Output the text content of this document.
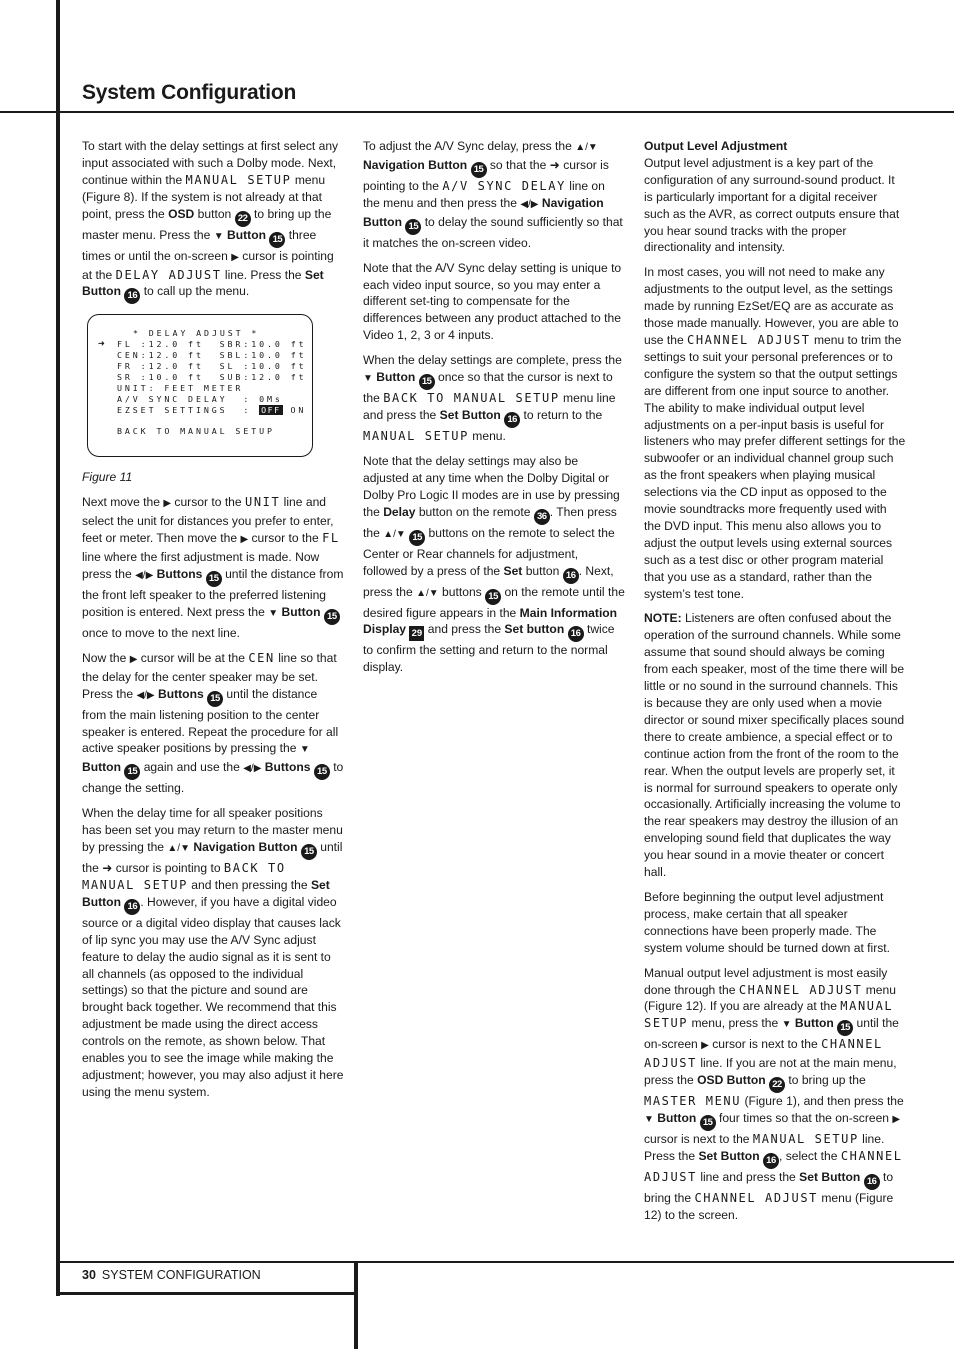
System Configuration

To start with the delay settings at first select any input associated with such a Dolby mode. Next, continue within the MANUAL SETUP menu (Figure 8). If the system is not already at that point, press the OSD button 22 to bring up the master menu. Press the ▼ Button 15 three times or until the on-screen ▶ cursor is pointing at the DELAY ADJUST line. Press the Set Button 16 to call up the menu.

➜
* DELAY ADJUST *
FL :12.0 ft  SBR:10.0 ft
CEN:12.0 ft  SBL:10.0 ft
FR :12.0 ft  SL :10.0 ft
SR :10.0 ft  SUB:12.0 ft
UNIT: FEET METER
A/V SYNC DELAY  : 0Ms
EZSET SETTINGS  : OFF ON
BACK TO MANUAL SETUP

Figure 11

Next move the ▶ cursor to the UNIT line and select the unit for distances you prefer to enter, feet or meter. Then move the ▶ cursor to the FL line where the first adjustment is made. Now press the ◀/▶ Buttons 15 until the distance from the front left speaker to the preferred listening position is entered. Next press the ▼ Button 15 once to move to the next line.

Now the ▶ cursor will be at the CEN line so that the delay for the center speaker may be set. Press the ◀/▶ Buttons 15 until the distance from the main listening position to the center speaker is entered. Repeat the procedure for all active speaker positions by pressing the ▼ Button 15 again and use the ◀/▶ Buttons 15 to change the setting.

When the delay time for all speaker positions has been set you may return to the master menu by pressing the ▲/▼ Navigation Button 15 until the ➜ cursor is pointing to BACK TO MANUAL SETUP and then pressing the Set Button 16 . However, if you have a digital video source or a digital video display that causes lack of lip sync you may use the A/V Sync adjust feature to delay the audio signal as it is sent to all channels (as opposed to the individual settings) so that the picture and sound are brought back together. We recommend that this adjustment be made using the direct access controls on the remote, as shown below. That enables you to see the image while making the adjustment; however, you may also adjust it here using the menu system.

To adjust the A/V Sync delay, press the ▲/▼ Navigation Button 15 so that the ➜ cursor is pointing to the A/V SYNC DELAY line on the menu and then press the ◀/▶ Navigation Button 15 to delay the sound sufficiently so that it matches the on-screen video.

Note that the A/V Sync delay setting is unique to each video input source, so you may enter a different set-ting to compensate for the differences between any product attached to the Video 1, 2, 3 or 4 inputs.

When the delay settings are complete, press the ▼ Button 15 once so that the cursor is next to the BACK TO MANUAL SETUP menu line and press the Set Button 16 to return to the MANUAL SETUP menu.

Note that the delay settings may also be adjusted at any time when the Dolby Digital or Dolby Pro Logic II modes are in use by pressing the Delay button on the remote 36 . Then press the ▲/▼ 15 buttons on the remote to select the Center or Rear channels for adjustment, followed by a press of the Set button 16 . Next, press the ▲/▼ buttons 15 on the remote until the desired figure appears in the Main Information Display 29 and press the Set button 16 twice to confirm the setting and return to the normal display.

Output Level Adjustment

Output level adjustment is a key part of the configuration of any surround-sound product. It is particularly important for a digital receiver such as the AVR, as correct outputs ensure that you hear sound tracks with the proper directionality and intensity.

In most cases, you will not need to make any adjustments to the output level, as the settings made by running EzSet/EQ are as accurate as those made manually. However, you are able to use the CHANNEL ADJUST menu to trim the settings to suit your personal preferences or to configure the system so that the output settings are different from one input source to another. The ability to make individual output level adjustments on a per-input basis is useful for listeners who may prefer different settings for the subwoofer or an individual channel group such as the front speakers when playing musical selections via the CD input as opposed to the movie soundtracks more frequently used with the DVD input. This menu also allows you to adjust the output levels using external sources such as a test disc or other program material that you use as a standard, rather than the system’s test tone.

NOTE: Listeners are often confused about the operation of the surround channels. While some assume that sound should always be coming from each speaker, most of the time there will be little or no sound in the surround channels. This is because they are only used when a movie director or sound mixer specifically places sound there to create ambience, a special effect or to continue action from the front of the room to the rear. When the output levels are properly set, it is normal for surround speakers to operate only occasionally. Artificially increasing the volume to the rear speakers may destroy the illusion of an enveloping sound field that duplicates the way you hear sound in a movie theater or concert hall.

Before beginning the output level adjustment process, make certain that all speaker connections have been properly made. The system volume should be turned down at first.

Manual output level adjustment is most easily done through the CHANNEL ADJUST menu (Figure 12). If you are already at the MANUAL SETUP menu, press the ▼ Button 15 until the on-screen ▶ cursor is next to the CHANNEL ADJUST line. If you are not at the main menu, press the OSD Button 22 to bring up the MASTER MENU (Figure 1), and then press the ▼ Button 15 four times so that the on-screen ▶ cursor is next to the MANUAL SETUP line. Press the Set Button 16 , select the CHANNEL ADJUST line and press the Set Button 16 to bring the CHANNEL ADJUST menu (Figure 12) to the screen.

30 SYSTEM CONFIGURATION
